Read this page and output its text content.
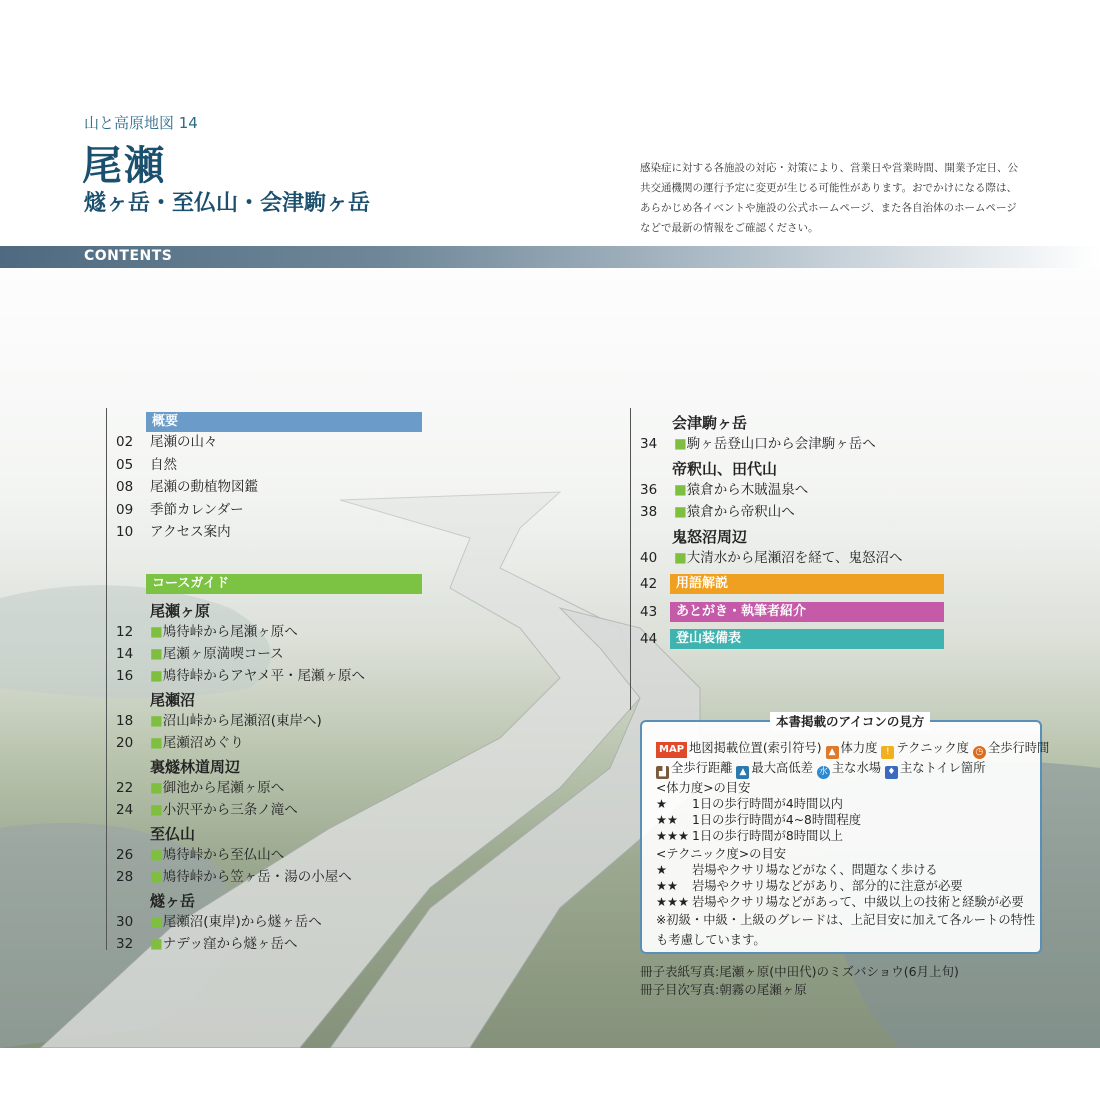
山と高原地図 14
尾瀬
燧ヶ岳・至仏山・会津駒ヶ岳
感染症に対する各施設の対応・対策により、営業日や営業時間、開業予定日、公共交通機関の運行予定に変更が生じる可能性があります。おでかけになる際は、あらかじめ各イベントや施設の公式ホームページ、また各自治体のホームページなどで最新の情報をご確認ください。
CONTENTS
概要
02 尾瀬の山々
05 自然
08 尾瀬の動植物図鑑
09 季節カレンダー
10 アクセス案内
コースガイド
尾瀬ヶ原
12 ■鳩待峠から尾瀬ヶ原へ
14 ■尾瀬ヶ原満喫コース
16 ■鳩待峠からアヤメ平・尾瀬ヶ原へ
尾瀬沼
18 ■沼山峠から尾瀬沼(東岸へ)
20 ■尾瀬沼めぐり
裏燧林道周辺
22 ■御池から尾瀬ヶ原へ
24 ■小沢平から三条ノ滝へ
至仏山
26 ■鳩待峠から至仏山へ
28 ■鳩待峠から笠ヶ岳・湯の小屋へ
燧ヶ岳
30 ■尾瀬沼(東岸)から燧ヶ岳へ
32 ■ナデッ窪から燧ヶ岳へ
会津駒ヶ岳
34 ■駒ヶ岳登山口から会津駒ヶ岳へ
帝釈山、田代山
36 ■猿倉から木賊温泉へ
38 ■猿倉から帝釈山へ
鬼怒沼周辺
40 ■大清水から尾瀬沼を経て、鬼怒沼へ
42	用語解説
43	あとがき・執筆者紹介
44	登山装備表
本書掲載のアイコンの見方
MAP 地図掲載位置(索引符号) ▲ 体力度 ! テクニック度 ◷ 全歩行時間
▟ 全歩行距離 ▲ 最大高低差 水 主な水場 ♦ 主なトイレ箇所
<体力度>の目安
★ 1日の歩行時間が4時間以内
★★ 1日の歩行時間が4~8時間程度
★★★ 1日の歩行時間が8時間以上
<テクニック度>の目安
★ 岩場やクサリ場などがなく、問題なく歩ける
★★ 岩場やクサリ場などがあり、部分的に注意が必要
★★★ 岩場やクサリ場などがあって、中級以上の技術と経験が必要
※初級・中級・上級のグレードは、上記目安に加えて各ルートの特性
も考慮しています。
冊子表紙写真:尾瀬ヶ原(中田代)のミズバショウ(6月上旬)
冊子目次写真:朝霧の尾瀬ヶ原
